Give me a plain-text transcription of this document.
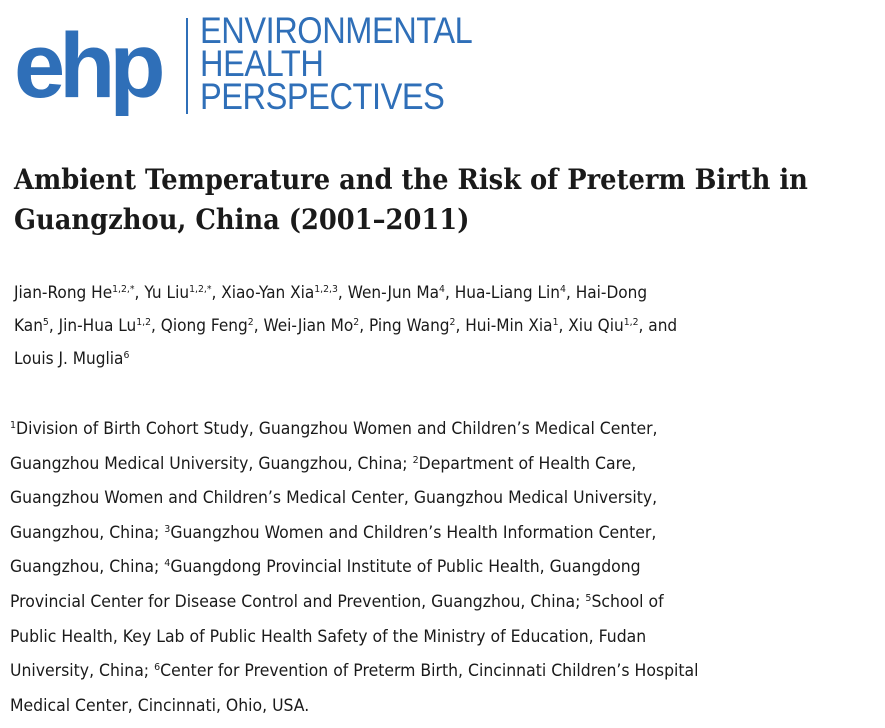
ehp ENVIRONMENTAL
HEALTH
PERSPECTIVES
Ambient Temperature and the Risk of Preterm Birth in
Guangzhou, China (2001–2011)
Jian-Rong $He^{1,2,*}$, Yu Liu$^{1,2,*}$, Xiao-Yan Xia$^{1,2,3}$, Wen-Jun Ma$^4$, Hua-Liang Lin$^4$, Hai-Dong
Kan$^5$, Jin-Hua Lu$^{1,2}$, Qiong Feng$^2$, Wei-Jian Mo$^2$, Ping Wang$^2$, Hui-Min Xia$^1$, Xiu Qiu$^{1,2}$, and
Louis J. Muglia$^6$
$^1$Division of Birth Cohort Study, Guangzhou Women and Children’s Medical Center,
Guangzhou Medical University, Guangzhou, China; $^2$Department of Health Care,
Guangzhou Women and Children’s Medical Center, Guangzhou Medical University,
Guangzhou, China; $^3$Guangzhou Women and Children’s Health Information Center,
Guangzhou, China; $^4$Guangdong Provincial Institute of Public Health, Guangdong
Provincial Center for Disease Control and Prevention, Guangzhou, China; $^5$School of
Public Health, Key Lab of Public Health Safety of the Ministry of Education, Fudan
University, China; $^6$Center for Prevention of Preterm Birth, Cincinnati Children’s Hospital
Medical Center, Cincinnati, Ohio, USA.
